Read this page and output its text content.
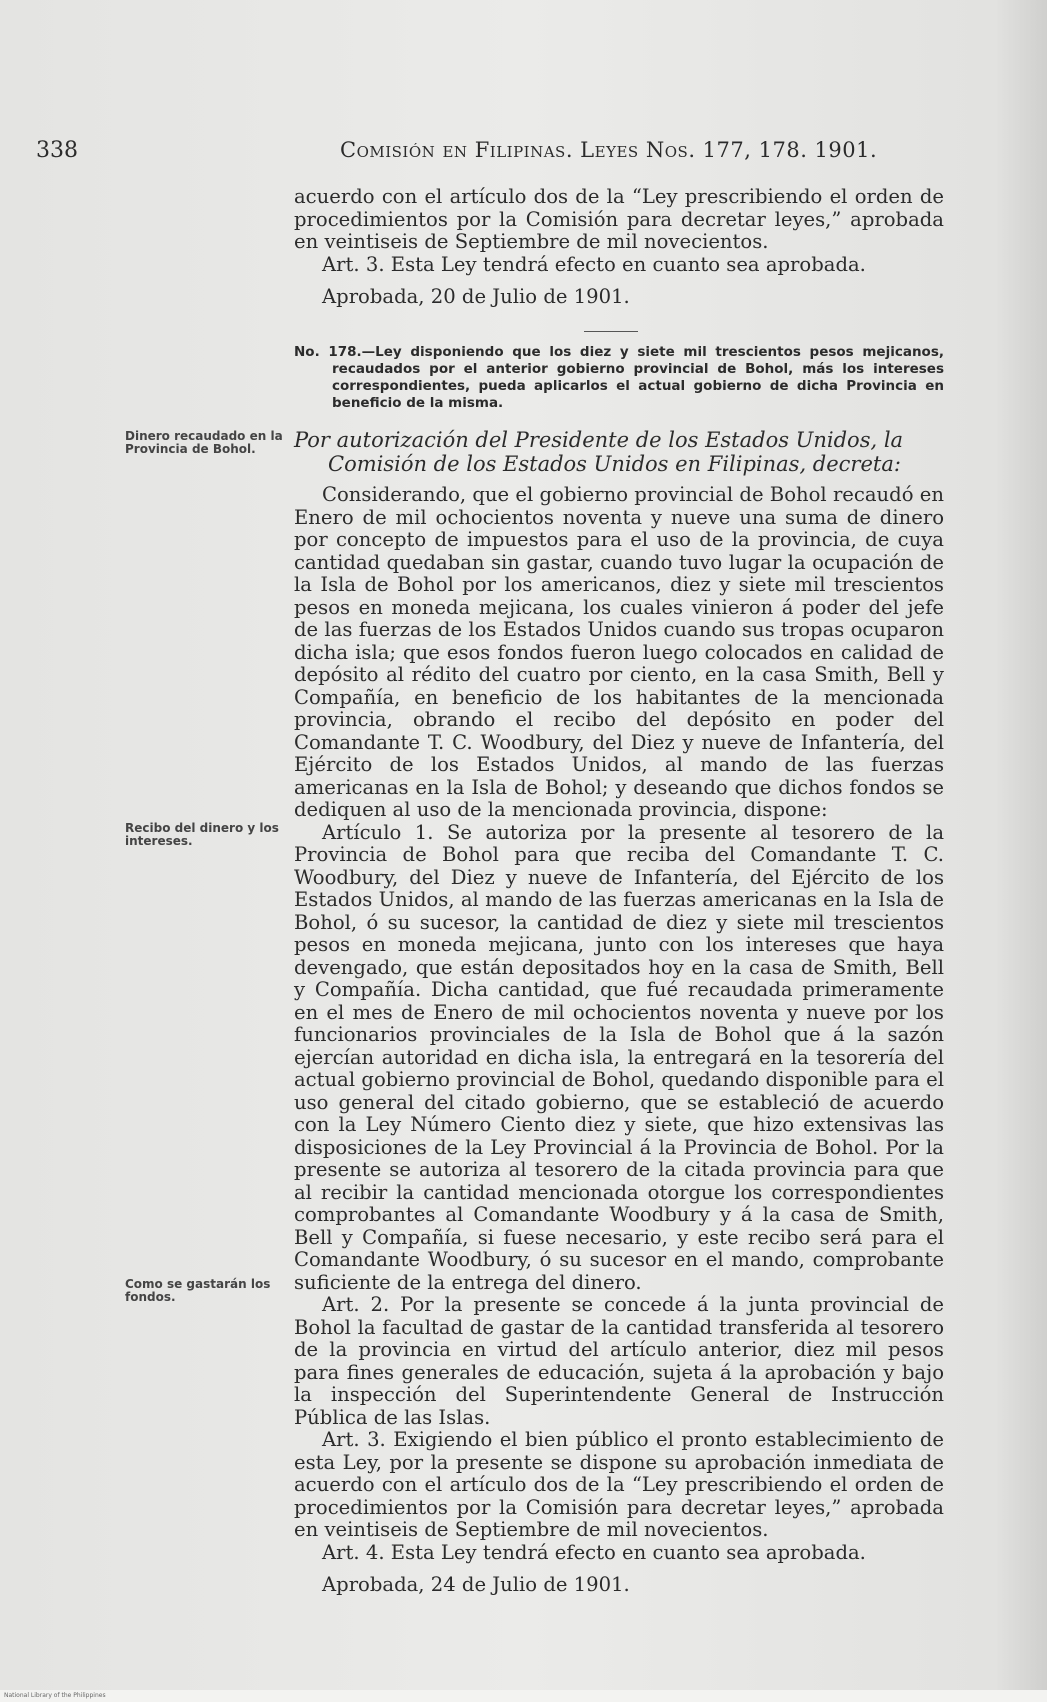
338	Comisión en Filipinas. Leyes Nos. 177, 178. 1901.

acuerdo con el artículo dos de la “Ley prescribiendo el orden de procedimientos por la Comisión para decretar leyes,” aprobada en veintiseis de Septiembre de mil novecientos.

Art. 3. Esta Ley tendrá efecto en cuanto sea aprobada.

Aprobada, 20 de Julio de 1901.

No. 178.—Ley disponiendo que los diez y siete mil trescientos pesos mejicanos, recaudados por el anterior gobierno provincial de Bohol, más los intereses correspondientes, pueda aplicarlos el actual gobierno de dicha Provincia en beneficio de la misma.

Dinero recaudado en la Provincia de Bohol.	Por autorización del Presidente de los Estados Unidos, la Comisión de los Estados Unidos en Filipinas, decreta:

Considerando, que el gobierno provincial de Bohol recaudó en Enero de mil ochocientos noventa y nueve una suma de dinero por concepto de impuestos para el uso de la provincia, de cuya cantidad quedaban sin gastar, cuando tuvo lugar la ocupación de la Isla de Bohol por los americanos, diez y siete mil trescientos pesos en moneda mejicana, los cuales vinieron á poder del jefe de las fuerzas de los Estados Unidos cuando sus tropas ocuparon dicha isla; que esos fondos fueron luego colocados en calidad de depósito al rédito del cuatro por ciento, en la casa Smith, Bell y Compañía, en beneficio de los habitantes de la mencionada provincia, obrando el recibo del depósito en poder del Comandante T. C. Woodbury, del Diez y nueve de Infantería, del Ejército de los Estados Unidos, al mando de las fuerzas americanas en la Isla de Bohol; y deseando que dichos fondos se dediquen al uso de la mencionada provincia, dispone:

Artículo 1. Se autoriza por la presente al tesorero de la Provincia de Bohol para que reciba del Comandante T. C. Woodbury, del Diez y nueve de Infantería, del Ejército de los Estados Unidos, al mando de las fuerzas americanas en la Isla de Bohol, ó su sucesor, la cantidad de diez y siete mil trescientos pesos en moneda mejicana, junto con los intereses que haya devengado, que están depositados hoy en la casa de Smith, Bell y Compañía. Dicha cantidad, que fué recaudada primeramente en el mes de Enero de mil ochocientos noventa y nueve por los funcionarios provinciales de la Isla de Bohol que á la sazón ejercían autoridad en dicha isla, la entregará en la tesorería del actual gobierno provincial de Bohol, quedando disponible para el uso general del citado gobierno, que se estableció de acuerdo con la Ley Número Ciento diez y siete, que hizo extensivas las disposiciones de la Ley Provincial á la Provincia de Bohol. Por la presente se autoriza al tesorero de la citada provincia para que al recibir la cantidad mencionada otorgue los correspondientes comprobantes al Comandante Woodbury y á la casa de Smith, Bell y Compañía, si fuese necesario, y este recibo será para el Comandante Woodbury, ó su sucesor en el mando, comprobante suficiente de la entrega del dinero.

Art. 2. Por la presente se concede á la junta provincial de Bohol la facultad de gastar de la cantidad transferida al tesorero de la provincia en virtud del artículo anterior, diez mil pesos para fines generales de educación, sujeta á la aprobación y bajo la inspección del Superintendente General de Instrucción Pública de las Islas.

Art. 3. Exigiendo el bien público el pronto establecimiento de esta Ley, por la presente se dispone su aprobación inmediata de acuerdo con el artículo dos de la “Ley prescribiendo el orden de procedimientos por la Comisión para decretar leyes,” aprobada en veintiseis de Septiembre de mil novecientos.

Art. 4. Esta Ley tendrá efecto en cuanto sea aprobada.

Aprobada, 24 de Julio de 1901.

Recibo del dinero y los intereses.
Como se gastarán los fondos.
National Library of the Philippines
